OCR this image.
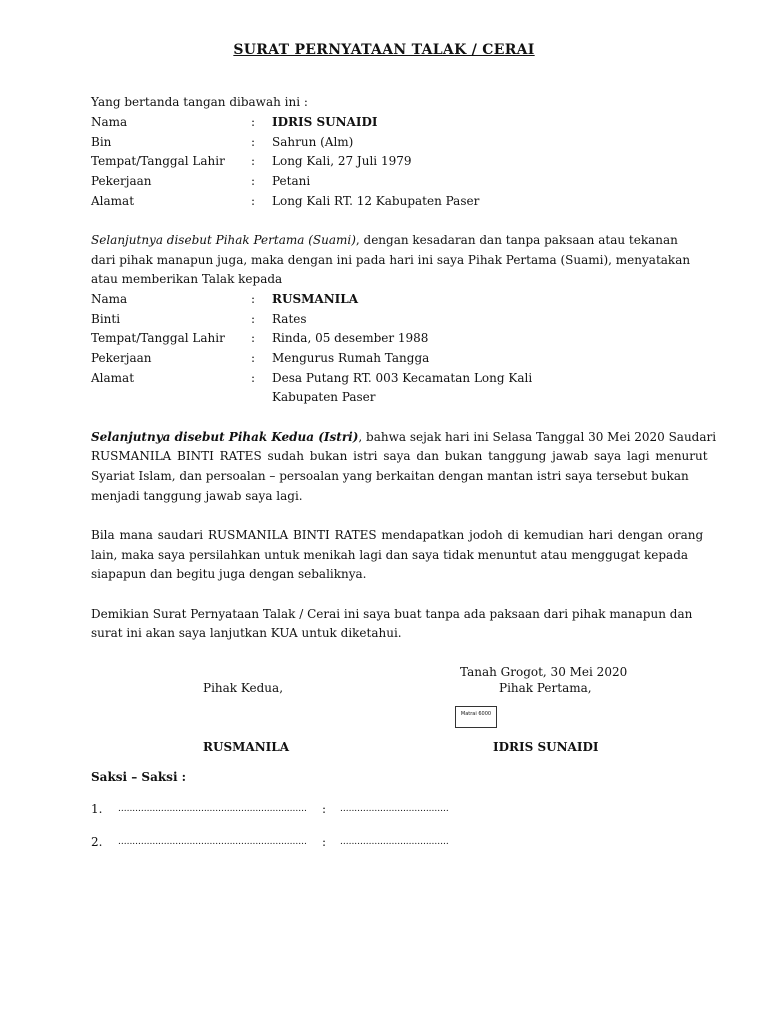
SURAT PERNYATAAN TALAK / CERAI
Yang bertanda tangan dibawah ini :
Nama	: IDRIS SUNAIDI
Bin	: Sahrun (Alm)
Tempat/Tanggal Lahir : Long Kali, 27 Juli 1979
Pekerjaan	: Petani
Alamat	: Long Kali RT. 12 Kabupaten Paser
Selanjutnya disebut Pihak Pertama (Suami), dengan kesadaran dan tanpa paksaan atau tekanan
dari pihak manapun juga, maka dengan ini pada hari ini saya Pihak Pertama (Suami), menyatakan
atau memberikan Talak kepada
Nama	: RUSMANILA
Binti	: Rates
Tempat/Tanggal Lahir : Rinda, 05 desember 1988
Pekerjaan	: Mengurus Rumah Tangga
Alamat	: Desa Putang RT. 003 Kecamatan Long Kali
Kabupaten Paser
Selanjutnya disebut Pihak Kedua (Istri), bahwa sejak hari ini Selasa Tanggal 30 Mei 2020 Saudari
RUSMANILA BINTI RATES sudah bukan istri saya dan bukan tanggung jawab saya lagi menurut
Syariat Islam, dan persoalan – persoalan yang berkaitan dengan mantan istri saya tersebut bukan
menjadi tanggung jawab saya lagi.
Bila mana saudari RUSMANILA BINTI RATES mendapatkan jodoh di kemudian hari dengan orang
lain, maka saya persilahkan untuk menikah lagi dan saya tidak menuntut atau menggugat kepada
siapapun dan begitu juga dengan sebaliknya.
Demikian Surat Pernyataan Talak / Cerai ini saya buat tanpa ada paksaan dari pihak manapun dan
surat ini akan saya lanjutkan KUA untuk diketahui.
Tanah Grogot, 30 Mei 2020
Pihak Kedua,	Pihak Pertama,
Matrai 6000
RUSMANILA	IDRIS SUNAIDI
Saksi – Saksi :
1. .................................................................. : ......................................
2. .................................................................. : ......................................
